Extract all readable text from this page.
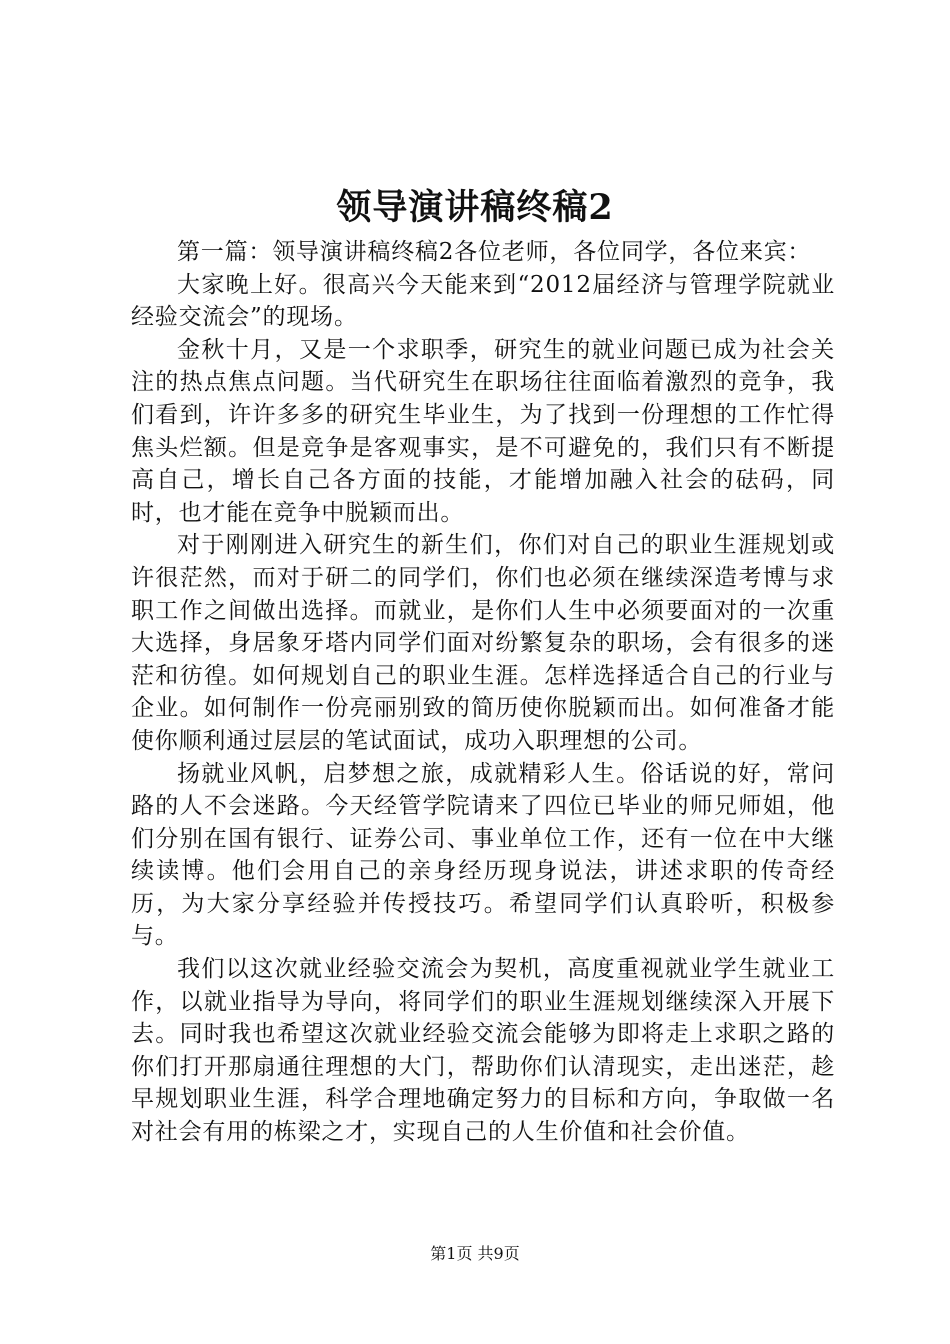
领导演讲稿终稿2

第一篇：领导演讲稿终稿2各位老师，各位同学，各位来宾：

大家晚上好。很高兴今天能来到“2012届经济与管理学院就业经验交流会”的现场。

金秋十月，又是一个求职季，研究生的就业问题已成为社会关注的热点焦点问题。当代研究生在职场往往面临着激烈的竞争，我们看到，许许多多的研究生毕业生，为了找到一份理想的工作忙得焦头烂额。但是竞争是客观事实，是不可避免的，我们只有不断提高自己，增长自己各方面的技能，才能增加融入社会的砝码，同时，也才能在竞争中脱颖而出。

对于刚刚进入研究生的新生们，你们对自己的职业生涯规划或许很茫然，而对于研二的同学们，你们也必须在继续深造考博与求职工作之间做出选择。而就业，是你们人生中必须要面对的一次重大选择，身居象牙塔内同学们面对纷繁复杂的职场，会有很多的迷茫和彷徨。如何规划自己的职业生涯。怎样选择适合自己的行业与企业。如何制作一份亮丽别致的简历使你脱颖而出。如何准备才能使你顺利通过层层的笔试面试，成功入职理想的公司。

扬就业风帆，启梦想之旅，成就精彩人生。俗话说的好，常问路的人不会迷路。今天经管学院请来了四位已毕业的师兄师姐，他们分别在国有银行、证券公司、事业单位工作，还有一位在中大继续读博。他们会用自己的亲身经历现身说法，讲述求职的传奇经历，为大家分享经验并传授技巧。希望同学们认真聆听，积极参与。

我们以这次就业经验交流会为契机，高度重视就业学生就业工作，以就业指导为导向，将同学们的职业生涯规划继续深入开展下去。同时我也希望这次就业经验交流会能够为即将走上求职之路的你们打开那扇通往理想的大门，帮助你们认清现实，走出迷茫，趁早规划职业生涯，科学合理地确定努力的目标和方向，争取做一名对社会有用的栋梁之才，实现自己的人生价值和社会价值。

第1页 共9页
